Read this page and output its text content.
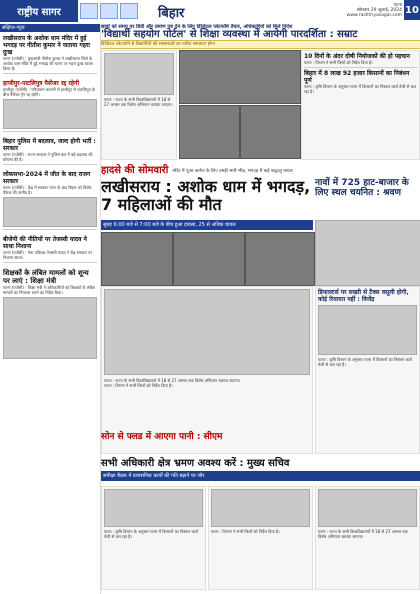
राष्ट्रीय सागर	बिहार
पटना
सोमवार 29 जुलाई, 2024
www.rashtriyasagar.com 10
संक्षिप्त-न्यूज़
लखीसराय के अशोक धाम मंदिर में हुई भगदड़ पर नीतीश कुमार ने जताया गहरा दुःख
पटना (एजेंसी) : मुख्यमंत्री नीतीश कुमार ने लखीसराय जिले के अशोक धाम मंदिर में हुई भगदड़ की घटना पर गहरा दुःख व्यक्त किया है।
हाजीपुर-पाटलिपुत्र पैसेंजर रद्द रहेगी
हाजीपुर (एजेंसी) : परिचालन कारणों से हाजीपुर से पाटलिपुत्र के बीच पैसेंजर ट्रेन रद्द रहेगी।
बिहार पुलिस में बदलाव, जल्द होगी भर्ती : सरकार
पटना (एजेंसी) : राज्य सरकार ने पुलिस बल में बड़े बदलाव की घोषणा की है।
लोकसभा-2024 में जीत के बाद राजग सरकार
पटना (एजेंसी) : केंद्र में सरकार गठन के बाद बिहार को विशेष पैकेज की उम्मीद है।
बीजेपी की नीतियों पर तेजस्वी यादव ने साधा निशाना
पटना (एजेंसी) : नेता प्रतिपक्ष तेजस्वी यादव ने केंद्र सरकार पर निशाना साधा।
शिक्षकों के लंबित मामलों को शून्य पर लाएं : शिक्षा मंत्री
पटना (एजेंसी) : शिक्षा मंत्री ने अधिकारियों को शिक्षकों के लंबित मामलों का निपटारा करने का निर्देश दिया।
छात्रों को समय पर डिग्री और प्रमाण पत्र देने के लिए डिजिटल प्लेटफॉर्म तैयार, अधिकारियों को मिले निर्देश
'विद्यार्थी सहयोग पोर्टल' से शिक्षा व्यवस्था में आयेगी पारदर्शिता : सम्राट
डिजिटल प्लेटफॉर्म से विद्यार्थियों की समस्याओं का त्वरित समाधान होगा
पटना : राज्य के सभी विश्वविद्यालयों में 18 से 27 अगस्त तक विशेष अभियान चलाया जाएगा।
10 दिनों के अंदर दोषी नियोजकों की हो पहचान
पटना : विभाग ने सभी जिलों को निर्देश दिया है।
बिहार में 8 लाख 92 हजार किसानों का निबंधन पूर्ण
पटना : कृषि विभाग के अनुसार राज्य में किसानों का निबंधन कार्य तेजी से चल रहा है।
हादसे की सोमवारी मंदिर में पूजा-अर्चना के लिए उमड़ी भारी भीड़, भगदड़ में कई श्रद्धालु घायल
लखीसराय : अशोक धाम में भगदड़, 7 महिलाओं की मौत
नावों में 725 हाट-बाजार के लिए स्थल चयनित : श्रवण
सुबह 6:00 बजे से 7:00 बजे के बीच हुआ हादसा, 25 से अधिक घायल
पटना : राज्य के सभी विश्वविद्यालयों में 18 से 27 अगस्त तक विशेष अभियान चलाया जाएगा।
पटना : विभाग ने सभी जिलों को निर्देश दिया है।
डिफाल्टर्स पर सख्ती से टैक्स वसूली होगी, कोई रियायत नहीं : विजेंद्र
पटना : कृषि विभाग के अनुसार राज्य में किसानों का निबंधन कार्य तेजी से चल रहा है।
सोन से फ्लड में आएगा पानी : सीएम
सभी अधिकारी क्षेत्र भ्रमण अवश्य करें : मुख्य सचिव
समीक्षा बैठक में प्रशासनिक कार्यों की गति बढ़ाने पर जोर
पटना : कृषि विभाग के अनुसार राज्य में किसानों का निबंधन कार्य तेजी से चल रहा है।
पटना : विभाग ने सभी जिलों को निर्देश दिया है।	पटना : राज्य के सभी विश्वविद्यालयों में 18 से 27 अगस्त तक विशेष अभियान चलाया जाएगा।
